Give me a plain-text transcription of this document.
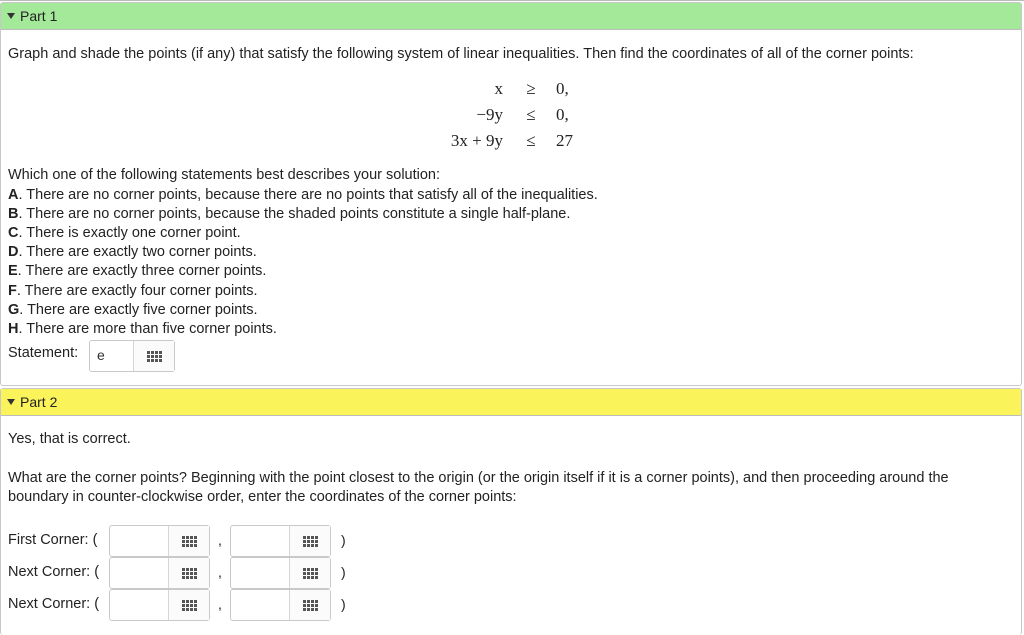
Part 1
Graph and shade the points (if any) that satisfy the following system of linear inequalities. Then find the coordinates of all of the corner points:
x	≥	0,
−9y	≤	0,
3x + 9y	≤	27
Which one of the following statements best describes your solution:
A. There are no corner points, because there are no points that satisfy all of the inequalities.
B. There are no corner points, because the shaded points constitute a single half-plane.
C. There is exactly one corner point.
D. There are exactly two corner points.
E. There are exactly three corner points.
F. There are exactly four corner points.
G. There are exactly five corner points.
H. There are more than five corner points.
Statement: e
Part 2
Yes, that is correct.
What are the corner points? Beginning with the point closest to the origin (or the origin itself if it is a corner points), and then proceeding around the boundary in counter-clockwise order, enter the coordinates of the corner points:
First Corner: (	,	)
Next Corner: (	,	)
Next Corner: (	,	)
